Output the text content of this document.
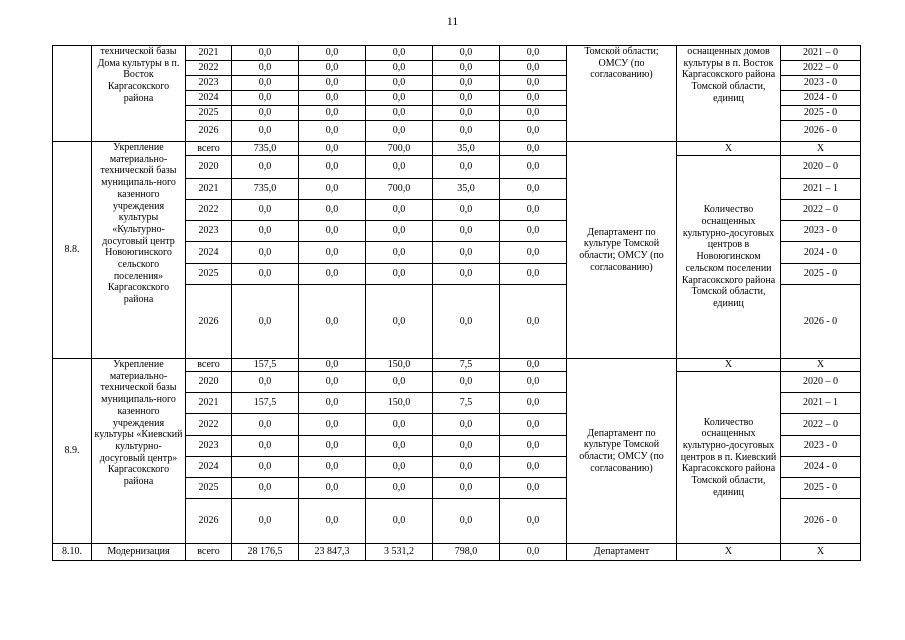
11
	технической базы Дома культуры в п. Восток Каргасокского района	2021	0,0	0,0	0,0	0,0	0,0	Томской области; ОМСУ (по согласованию)	оснащенных домов культуры в п. Восток Каргасокского района Томской области, единиц	2021 – 0
		2022	0,0	0,0	0,0	0,0	0,0			2022 – 0
		2023	0,0	0,0	0,0	0,0	0,0			2023 - 0
		2024	0,0	0,0	0,0	0,0	0,0			2024 - 0
		2025	0,0	0,0	0,0	0,0	0,0			2025 - 0
		2026	0,0	0,0	0,0	0,0	0,0			2026 - 0
8.8.	Укрепление материально-технической базы муниципаль-ного казенного учреждения культуры «Культурно-досуговый центр Новоюгинского сельского поселения» Каргасокского района	всего	735,0	0,0	700,0	35,0	0,0	Департамент по культуре Томской области; ОМСУ (по согласованию)	Х	Х
		2020	0,0	0,0	0,0	0,0	0,0		Количество оснащенных культурно-досуговых центров в Новоюгинском сельском поселении Каргасокского района Томской области, единиц	2020 – 0
		2021	735,0	0,0	700,0	35,0	0,0			2021 – 1
		2022	0,0	0,0	0,0	0,0	0,0			2022 – 0
		2023	0,0	0,0	0,0	0,0	0,0			2023 - 0
		2024	0,0	0,0	0,0	0,0	0,0			2024 - 0
		2025	0,0	0,0	0,0	0,0	0,0			2025 - 0
		2026	0,0	0,0	0,0	0,0	0,0			2026 - 0
8.9.	Укрепление материально-технической базы муниципаль-ного казенного учреждения культуры «Киевский культурно-досуговый центр» Каргасокского района	всего	157,5	0,0	150,0	7,5	0,0	Департамент по культуре Томской области; ОМСУ (по согласованию)	Х	Х
		2020	0,0	0,0	0,0	0,0	0,0		Количество оснащенных культурно-досуговых центров в п. Киевский Каргасокского района Томской области, единиц	2020 – 0
		2021	157,5	0,0	150,0	7,5	0,0			2021 – 1
		2022	0,0	0,0	0,0	0,0	0,0			2022 – 0
		2023	0,0	0,0	0,0	0,0	0,0			2023 - 0
		2024	0,0	0,0	0,0	0,0	0,0			2024 - 0
		2025	0,0	0,0	0,0	0,0	0,0			2025 - 0
		2026	0,0	0,0	0,0	0,0	0,0			2026 - 0
8.10.	Модернизация	всего	28 176,5	23 847,3	3 531,2	798,0	0,0	Департамент	Х	Х
